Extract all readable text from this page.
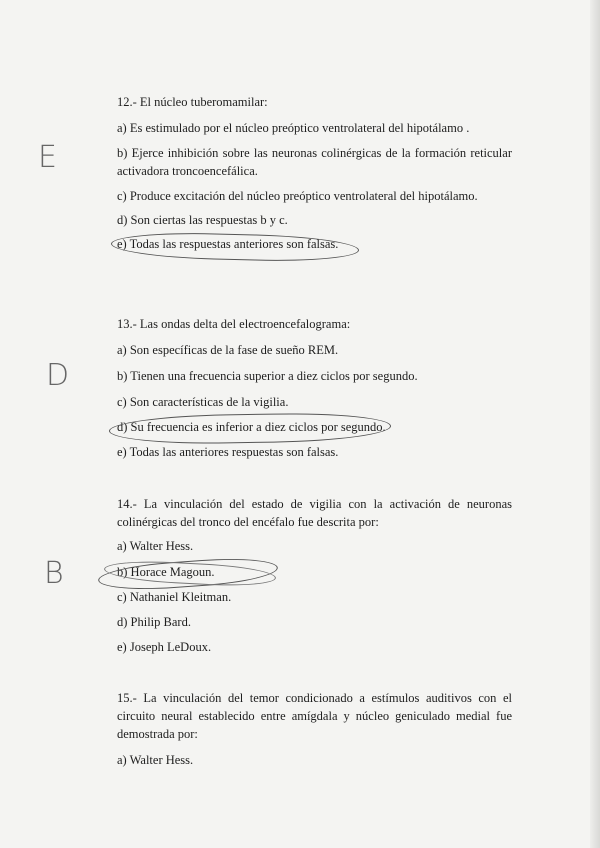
12.- El núcleo tuberomamilar:

a) Es estimulado por el núcleo preóptico ventrolateral del hipotálamo .

b) Ejerce inhibición sobre las neuronas colinérgicas de la formación reticular activadora troncoencefálica.

c) Produce excitación del núcleo preóptico ventrolateral del hipotálamo.

d) Son ciertas las respuestas b y c.

e) Todas las respuestas anteriores son falsas.

E

13.- Las ondas delta del electroencefalograma:

a) Son específicas de la fase de sueño REM.

b) Tienen una frecuencia superior a diez ciclos por segundo.

c) Son características de la vigilia.

d) Su frecuencia es inferior a diez ciclos por segundo.

e) Todas las anteriores respuestas son falsas.

D

14.- La vinculación del estado de vigilia con la activación de neuronas colinérgicas del tronco del encéfalo fue descrita por:

a) Walter Hess.

b) Horace Magoun.

c) Nathaniel Kleitman.

d) Philip Bard.

e) Joseph LeDoux.

B

15.- La vinculación del temor condicionado a estímulos auditivos con el circuito neural establecido entre amígdala y núcleo geniculado medial fue demostrada por:

a) Walter Hess.
